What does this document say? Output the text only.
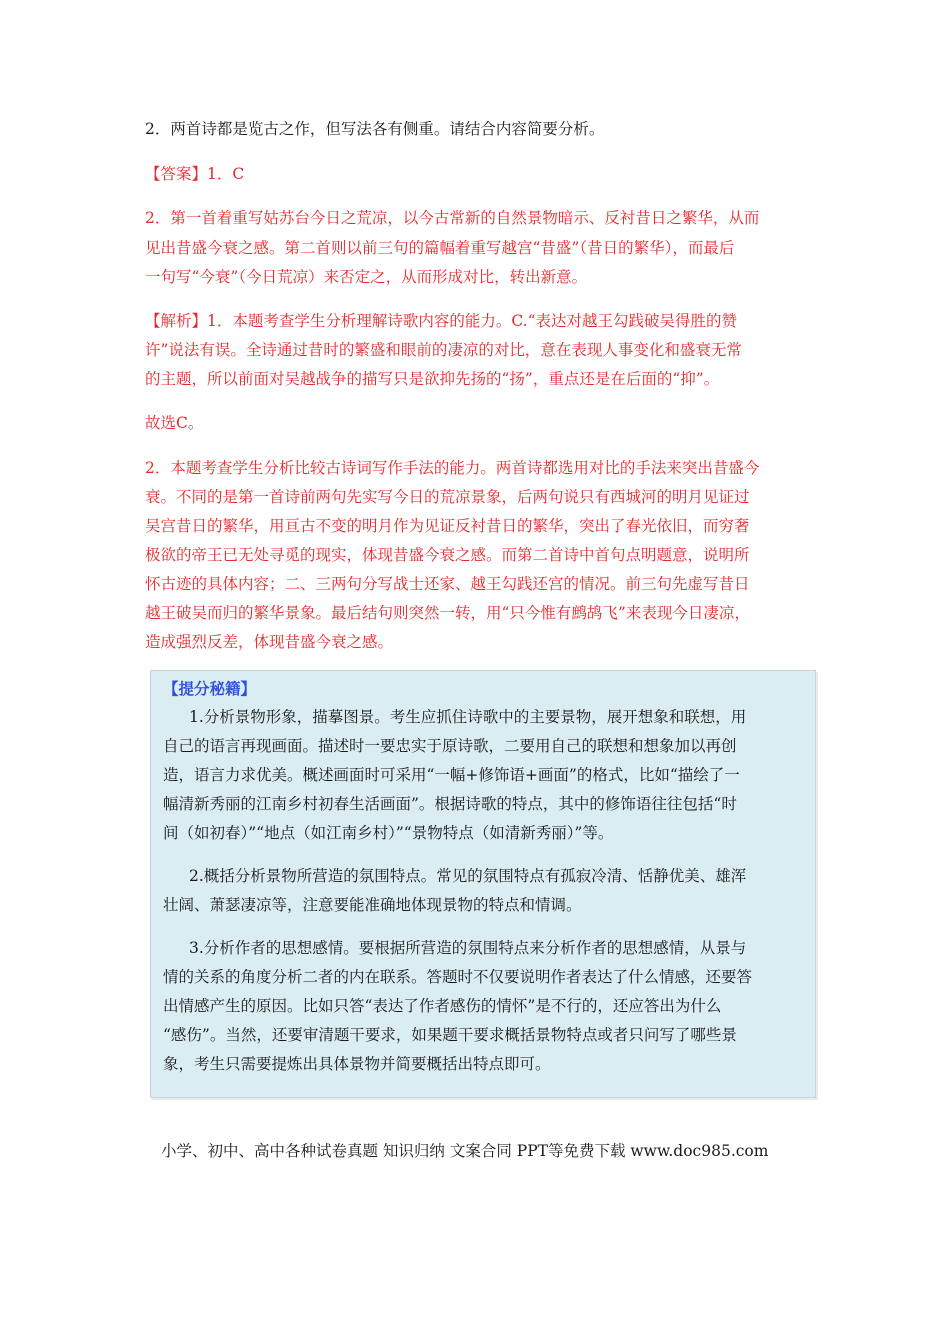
2．两首诗都是览古之作，但写法各有侧重。请结合内容简要分析。
【答案】1．C
2．第一首着重写姑苏台今日之荒凉，以今古常新的自然景物暗示、反衬昔日之繁华，从而
见出昔盛今衰之感。第二首则以前三句的篇幅着重写越宫“昔盛”（昔日的繁华），而最后
一句写“今衰”（今日荒凉）来否定之，从而形成对比，转出新意。
【解析】1．本题考查学生分析理解诗歌内容的能力。C.“表达对越王勾践破吴得胜的赞
许”说法有误。全诗通过昔时的繁盛和眼前的凄凉的对比，意在表现人事变化和盛衰无常
的主题，所以前面对吴越战争的描写只是欲抑先扬的“扬”，重点还是在后面的“抑”。
故选C。
2．本题考查学生分析比较古诗词写作手法的能力。两首诗都选用对比的手法来突出昔盛今
衰。不同的是第一首诗前两句先实写今日的荒凉景象，后两句说只有西城河的明月见证过
吴宫昔日的繁华，用亘古不变的明月作为见证反衬昔日的繁华，突出了春光依旧，而穷奢
极欲的帝王已无处寻觅的现实，体现昔盛今衰之感。而第二首诗中首句点明题意，说明所
怀古迹的具体内容；二、三两句分写战士还家、越王勾践还宫的情况。前三句先虚写昔日
越王破吴而归的繁华景象。最后结句则突然一转，用“只今惟有鹧鸪飞”来表现今日凄凉，
造成强烈反差，体现昔盛今衰之感。
【提分秘籍】
1.分析景物形象，描摹图景。考生应抓住诗歌中的主要景物，展开想象和联想，用
自己的语言再现画面。描述时一要忠实于原诗歌，二要用自己的联想和想象加以再创
造，语言力求优美。概述画面时可采用“一幅+修饰语+画面”的格式，比如“描绘了一
幅清新秀丽的江南乡村初春生活画面”。根据诗歌的特点，其中的修饰语往往包括“时
间（如初春）”“地点（如江南乡村）”“景物特点（如清新秀丽）”等。
2.概括分析景物所营造的氛围特点。常见的氛围特点有孤寂冷清、恬静优美、雄浑
壮阔、萧瑟凄凉等，注意要能准确地体现景物的特点和情调。
3.分析作者的思想感情。要根据所营造的氛围特点来分析作者的思想感情，从景与
情的关系的角度分析二者的内在联系。答题时不仅要说明作者表达了什么情感，还要答
出情感产生的原因。比如只答“表达了作者感伤的情怀”是不行的，还应答出为什么
“感伤”。当然，还要审清题干要求，如果题干要求概括景物特点或者只问写了哪些景
象，考生只需要提炼出具体景物并简要概括出特点即可。
小学、初中、高中各种试卷真题 知识归纳 文案合同 PPT等免费下载 www.doc985.com
